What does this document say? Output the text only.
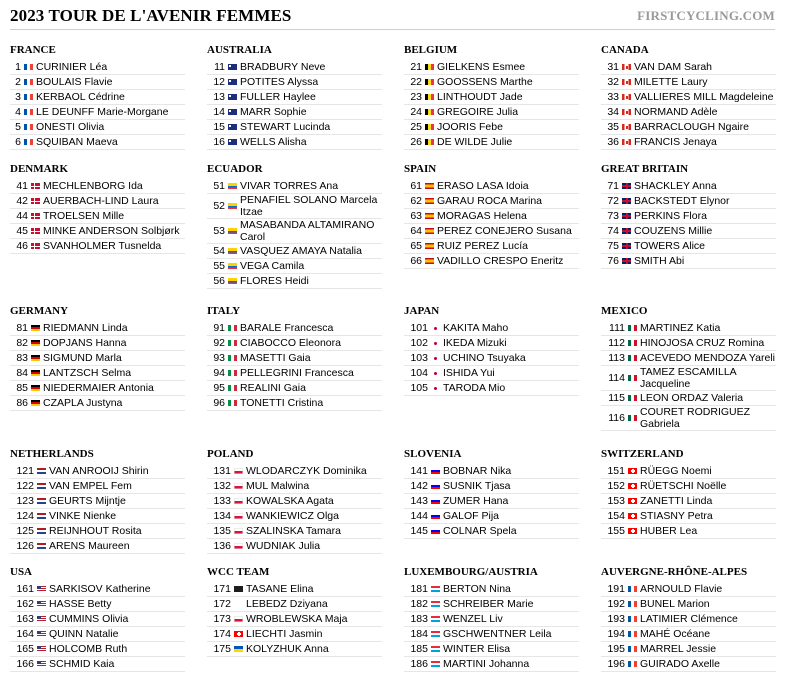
2023 TOUR DE L'AVENIR FEMMES	FIRSTCYCLING.COM
FRANCE
1 CURINIER Léa
2 BOULAIS Flavie
3 KERBAOL Cédrine
4 LE DEUNFF Marie-Morgane
5 ONESTI Olivia
6 SQUIBAN Maeva
AUSTRALIA
11 BRADBURY Neve
12 POTITES Alyssa
13 FULLER Haylee
14 MARR Sophie
15 STEWART Lucinda
16 WELLS Alisha
BELGIUM
21 GIELKENS Esmee
22 GOOSSENS Marthe
23 LINTHOUDT Jade
24 GREGOIRE Julia
25 JOORIS Febe
26 DE WILDE Julie
CANADA
31 VAN DAM Sarah
32 MILETTE Laury
33 VALLIERES MILL Magdeleine
34 NORMAND Adèle
35 BARRACLOUGH Ngaire
36 FRANCIS Jenaya
DENMARK
41 MECHLENBORG Ida
42 AUERBACH-LIND Laura
44 TROELSEN Mille
45 MINKE ANDERSON Solbjørk
46 SVANHOLMER Tusnelda
ECUADOR
51 VIVAR TORRES Ana
52 PENAFIEL SOLANO Marcela Itzae
53 MASABANDA ALTAMIRANO Carol
54 VASQUEZ AMAYA Natalia
55 VEGA Camila
56 FLORES Heidi
SPAIN
61 ERASO LASA Idoia
62 GARAU ROCA Marina
63 MORAGAS Helena
64 PEREZ CONEJERO Susana
65 RUIZ PEREZ Lucía
66 VADILLO CRESPO Eneritz
GREAT BRITAIN
71 SHACKLEY Anna
72 BACKSTEDT Elynor
73 PERKINS Flora
74 COUZENS Millie
75 TOWERS Alice
76 SMITH Abi
GERMANY
81 RIEDMANN Linda
82 DOPJANS Hanna
83 SIGMUND Marla
84 LANTZSCH Selma
85 NIEDERMAIER Antonia
86 CZAPLA Justyna
ITALY
91 BARALE Francesca
92 CIABOCCO Eleonora
93 MASETTI Gaia
94 PELLEGRINI Francesca
95 REALINI Gaia
96 TONETTI Cristina
JAPAN
101 KAKITA Maho
102 IKEDA Mizuki
103 UCHINO Tsuyaka
104 ISHIDA Yui
105 TARODA Mio
MEXICO
111 MARTINEZ Katia
112 HINOJOSA CRUZ Romina
113 ACEVEDO MENDOZA Yareli
114 TAMEZ ESCAMILLA Jacqueline
115 LEON ORDAZ Valeria
116 COURET RODRIGUEZ Gabriela
NETHERLANDS
121 VAN ANROOIJ Shirin
122 VAN EMPEL Fem
123 GEURTS Mijntje
124 VINKE Nienke
125 REIJNHOUT Rosita
126 ARENS Maureen
POLAND
131 WLODARCZYK Dominika
132 MUL Malwina
133 KOWALSKA Agata
134 WANKIEWICZ Olga
135 SZALINSKA Tamara
136 WUDNIAK Julia
SLOVENIA
141 BOBNAR Nika
142 SUSNIK Tjasa
143 ZUMER Hana
144 GALOF Pija
145 COLNAR Spela
SWITZERLAND
151 RÜEGG Noemi
152 RÜETSCHI Noëlle
153 ZANETTI Linda
154 STIASNY Petra
155 HUBER Lea
USA
161 SARKISOV Katherine
162 HASSE Betty
163 CUMMINS Olivia
164 QUINN Natalie
165 HOLCOMB Ruth
166 SCHMID Kaia
WCC TEAM
171 TASANE Elina
172 LEBEDZ Dziyana
173 WROBLEWSKA Maja
174 LIECHTI Jasmin
175 KOLYZHUK Anna
LUXEMBOURG/AUSTRIA
181 BERTON Nina
182 SCHREIBER Marie
183 WENZEL Liv
184 GSCHWENTNER Leila
185 WINTER Elisa
186 MARTINI Johanna
AUVERGNE-RHÔNE-ALPES
191 ARNOULD Flavie
192 BUNEL Marion
193 LATIMIER Clémence
194 MAHÉ Océane
195 MARREL Jessie
196 GUIRADO Axelle
